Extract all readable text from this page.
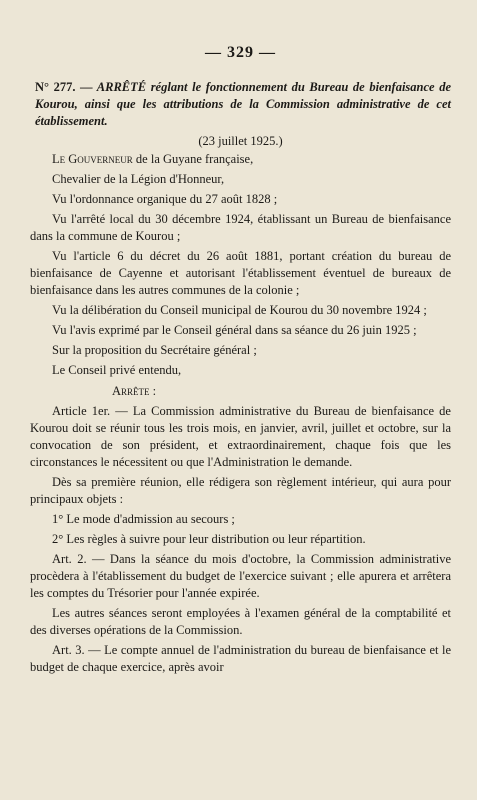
— 329 —
N° 277. — ARRÊTÉ réglant le fonctionnement du Bureau de bienfaisance de Kourou, ainsi que les attributions de la Commission administrative de cet établissement.
(23 juillet 1925.)

Le Gouverneur de la Guyane française,

Chevalier de la Légion d'Honneur,

Vu l'ordonnance organique du 27 août 1828 ;

Vu l'arrêté local du 30 décembre 1924, établissant un Bureau de bienfaisance dans la commune de Kourou ;

Vu l'article 6 du décret du 26 août 1881, portant création du bureau de bienfaisance de Cayenne et autorisant l'établissement éventuel de bureaux de bienfaisance dans les autres communes de la colonie ;

Vu la délibération du Conseil municipal de Kourou du 30 novembre 1924 ;

Vu l'avis exprimé par le Conseil général dans sa séance du 26 juin 1925 ;

Sur la proposition du Secrétaire général ;

Le Conseil privé entendu,

Arrête :

Article 1er. — La Commission administrative du Bureau de bienfaisance de Kourou doit se réunir tous les trois mois, en janvier, avril, juillet et octobre, sur la convocation de son président, et extraordinairement, chaque fois que les circonstances le nécessitent ou que l'Administration le demande.

Dès sa première réunion, elle rédigera son règlement intérieur, qui aura pour principaux objets :

1° Le mode d'admission au secours ;

2° Les règles à suivre pour leur distribution ou leur répartition.

Art. 2. — Dans la séance du mois d'octobre, la Commission administrative procèdera à l'établissement du budget de l'exercice suivant ; elle apurera et arrêtera les comptes du Trésorier pour l'année expirée.

Les autres séances seront employées à l'examen général de la comptabilité et des diverses opérations de la Commission.

Art. 3. — Le compte annuel de l'administration du bureau de bienfaisance et le budget de chaque exercice, après avoir
